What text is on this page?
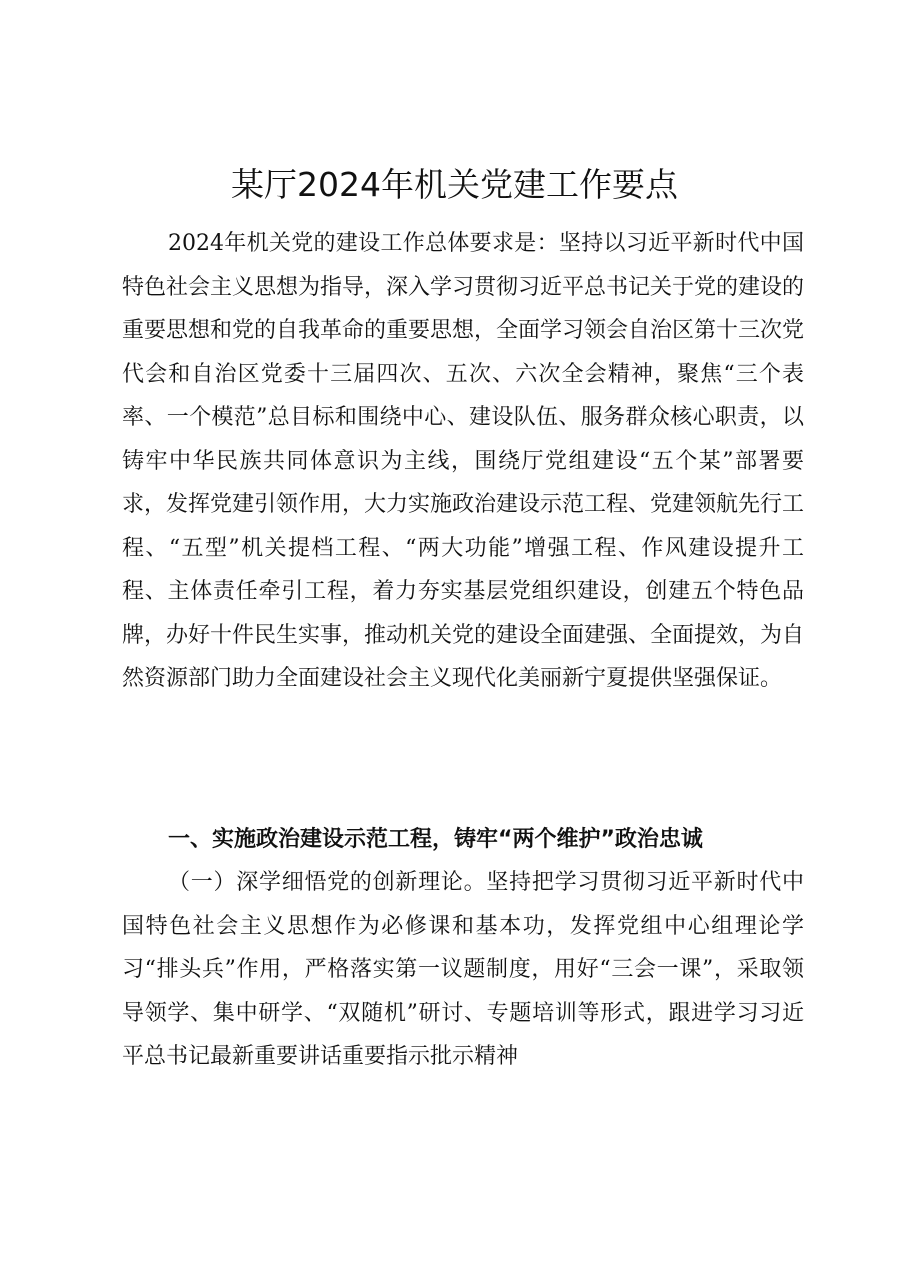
某厅2024年机关党建工作要点

2024年机关党的建设工作总体要求是：坚持以习近平新时代中国特色社会主义思想为指导，深入学习贯彻习近平总书记关于党的建设的重要思想和党的自我革命的重要思想，全面学习领会自治区第十三次党代会和自治区党委十三届四次、五次、六次全会精神，聚焦“三个表率、一个模范”总目标和围绕中心、建设队伍、服务群众核心职责，以铸牢中华民族共同体意识为主线，围绕厅党组建设“五个某”部署要求，发挥党建引领作用，大力实施政治建设示范工程、党建领航先行工程、“五型”机关提档工程、“两大功能”增强工程、作风建设提升工程、主体责任牵引工程，着力夯实基层党组织建设，创建五个特色品牌，办好十件民生实事，推动机关党的建设全面建强、全面提效，为自然资源部门助力全面建设社会主义现代化美丽新宁夏提供坚强保证。

一、实施政治建设示范工程，铸牢“两个维护”政治忠诚

（一）深学细悟党的创新理论。坚持把学习贯彻习近平新时代中国特色社会主义思想作为必修课和基本功，发挥党组中心组理论学习“排头兵”作用，严格落实第一议题制度，用好“三会一课”，采取领导领学、集中研学、“双随机”研讨、专题培训等形式，跟进学习习近平总书记最新重要讲话重要指示批示精神
